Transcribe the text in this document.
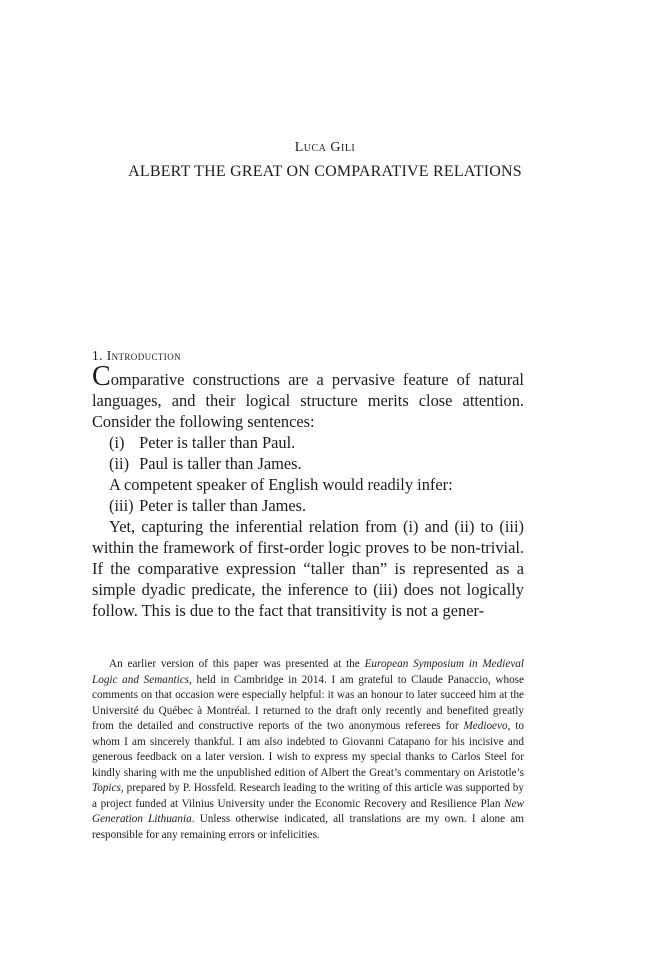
Luca Gili
ALBERT THE GREAT ON COMPARATIVE RELATIONS
1. Introduction

Comparative constructions are a pervasive feature of natural languages, and their logical structure merits close attention. Consider the following sentences:

(i) Peter is taller than Paul.

(ii) Paul is taller than James.

A competent speaker of English would readily infer:

(iii) Peter is taller than James.

Yet, capturing the inferential relation from (i) and (ii) to (iii) within the framework of first-order logic proves to be non-trivial. If the comparative expression “taller than” is represented as a simple dyadic predicate, the inference to (iii) does not logically follow. This is due to the fact that transitivity is not a gener-

An earlier version of this paper was presented at the European Symposium in Medieval Logic and Semantics, held in Cambridge in 2014. I am grateful to Claude Panaccio, whose comments on that occasion were especially helpful: it was an honour to later succeed him at the Université du Québec à Montréal. I returned to the draft only recently and benefited greatly from the detailed and constructive reports of the two anonymous referees for Medioevo, to whom I am sincerely thankful. I am also indebted to Giovanni Catapano for his incisive and generous feedback on a later version. I wish to express my special thanks to Carlos Steel for kindly sharing with me the unpublished edition of Albert the Great’s commentary on Aristotle’s Topics, prepared by P. Hossfeld. Research leading to the writing of this article was supported by a project funded at Vilnius University under the Economic Recovery and Resilience Plan New Generation Lithuania. Unless otherwise indicated, all translations are my own. I alone am responsible for any remaining errors or infelicities.
